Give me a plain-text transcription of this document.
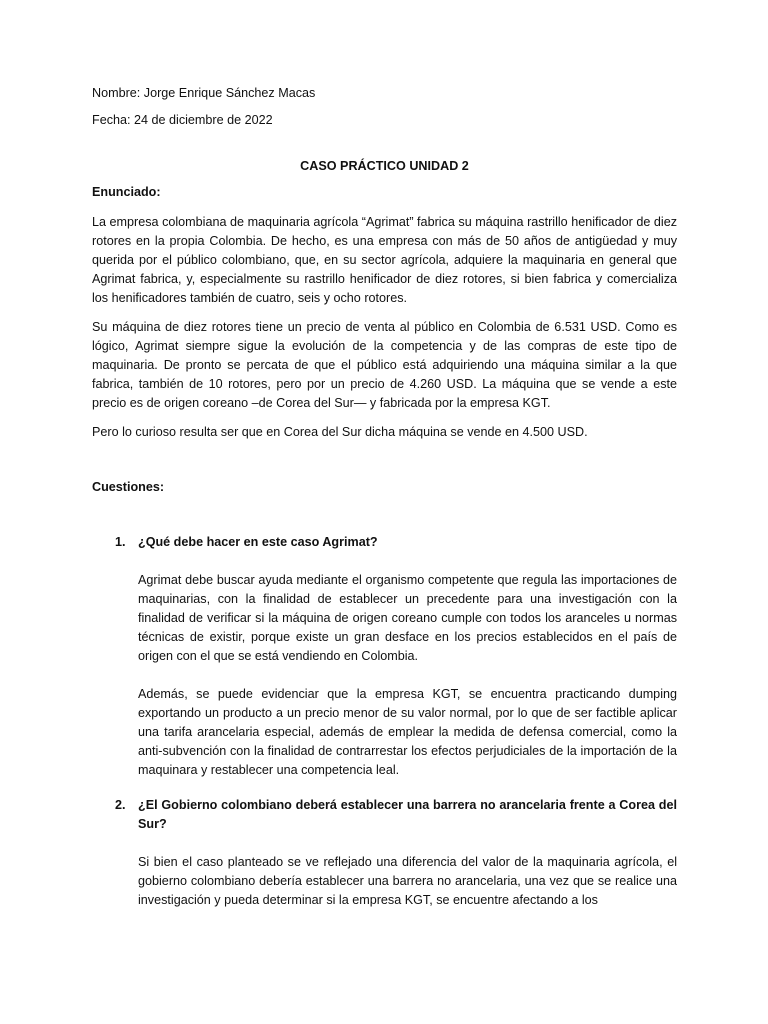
Nombre: Jorge Enrique Sánchez Macas

Fecha: 24 de diciembre de 2022

CASO PRÁCTICO UNIDAD 2

Enunciado:

La empresa colombiana de maquinaria agrícola “Agrimat” fabrica su máquina rastrillo henificador de diez rotores en la propia Colombia. De hecho, es una empresa con más de 50 años de antigüedad y muy querida por el público colombiano, que, en su sector agrícola, adquiere la maquinaria en general que Agrimat fabrica, y, especialmente su rastrillo henificador de diez rotores, si bien fabrica y comercializa los henificadores también de cuatro, seis y ocho rotores.

Su máquina de diez rotores tiene un precio de venta al público en Colombia de 6.531 USD. Como es lógico, Agrimat siempre sigue la evolución de la competencia y de las compras de este tipo de maquinaria. De pronto se percata de que el público está adquiriendo una máquina similar a la que fabrica, también de 10 rotores, pero por un precio de 4.260 USD. La máquina que se vende a este precio es de origen coreano –de Corea del Sur— y fabricada por la empresa KGT.

Pero lo curioso resulta ser que en Corea del Sur dicha máquina se vende en 4.500 USD.

Cuestiones:

1. ¿Qué debe hacer en este caso Agrimat?

Agrimat debe buscar ayuda mediante el organismo competente que regula las importaciones de maquinarias, con la finalidad de establecer un precedente para una investigación con la finalidad de verificar si la máquina de origen coreano cumple con todos los aranceles u normas técnicas de existir, porque existe un gran desface en los precios establecidos en el país de origen con el que se está vendiendo en Colombia.

Además, se puede evidenciar que la empresa KGT, se encuentra practicando dumping exportando un producto a un precio menor de su valor normal, por lo que de ser factible aplicar una tarifa arancelaria especial, además de emplear la medida de defensa comercial, como la anti-subvención con la finalidad de contrarrestar los efectos perjudiciales de la importación de la maquinara y restablecer una competencia leal.

2. ¿El Gobierno colombiano deberá establecer una barrera no arancelaria frente a Corea del Sur?

Si bien el caso planteado se ve reflejado una diferencia del valor de la maquinaria agrícola, el gobierno colombiano debería establecer una barrera no arancelaria, una vez que se realice una investigación y pueda determinar si la empresa KGT, se encuentre afectando a los
